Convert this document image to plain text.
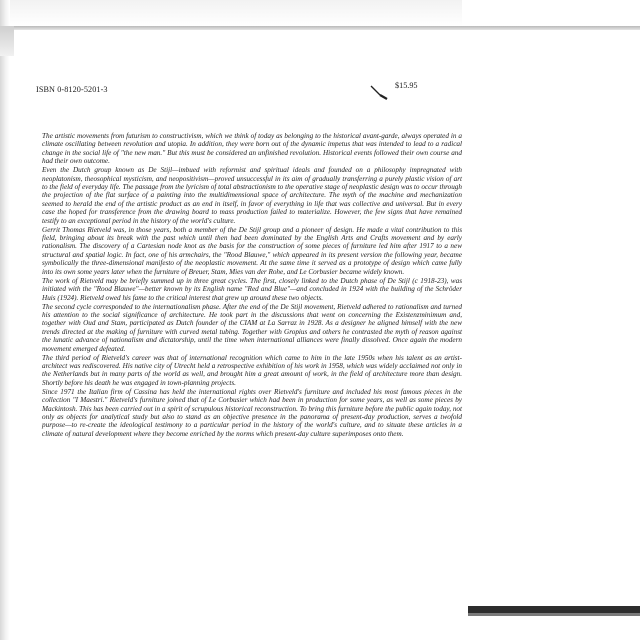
ISBN 0-8120-5201-3	$15.95

The artistic movements from futurism to constructivism, which we think of today as belonging to the historical avant-garde, always operated in a climate oscillating between revolution and utopia. In addition, they were born out of the dynamic impetus that was intended to lead to a radical change in the social life of "the new man." But this must be considered an unfinished revolution. Historical events followed their own course and had their own outcome.

Even the Dutch group known as De Stijl—imbued with reformist and spiritual ideals and founded on a philosophy impregnated with neoplatonism, theosophical mysticism, and neopositivism—proved unsuccessful in its aim of gradually transferring a purely plastic vision of art to the field of everyday life. The passage from the lyricism of total abstractionism to the operative stage of neoplastic design was to occur through the projection of the flat surface of a painting into the multidimensional space of architecture. The myth of the machine and mechanization seemed to herald the end of the artistic product as an end in itself, in favor of everything in life that was collective and universal. But in every case the hoped for transference from the drawing board to mass production failed to materialize. However, the few signs that have remained testify to an exceptional period in the history of the world's culture.

Gerrit Thomas Rietveld was, in those years, both a member of the De Stijl group and a pioneer of design. He made a vital contribution to this field, bringing about its break with the past which until then had been dominated by the English Arts and Crafts movement and by early rationalism. The discovery of a Cartesian node knot as the basis for the construction of some pieces of furniture led him after 1917 to a new structural and spatial logic. In fact, one of his armchairs, the "Rood Blauwe," which appeared in its present version the following year, became symbolically the three-dimensional manifesto of the neoplastic movement. At the same time it served as a prototype of design which came fully into its own some years later when the furniture of Breuer, Stam, Mies van der Rohe, and Le Corbusier became widely known.

The work of Rietveld may be briefly summed up in three great cycles. The first, closely linked to the Dutch phase of De Stijl (c 1918-23), was initiated with the "Rood Blauwe"—better known by its English name "Red and Blue"—and concluded in 1924 with the building of the Schröder Huis (1924). Rietveld owed his fame to the critical interest that grew up around these two objects.

The second cycle corresponded to the internationalism phase. After the end of the De Stijl movement, Rietveld adhered to rationalism and turned his attention to the social significance of architecture. He took part in the discussions that went on concerning the Existenzminimum and, together with Oud and Stam, participated as Dutch founder of the CIAM at La Sarraz in 1928. As a designer he aligned himself with the new trends directed at the making of furniture with curved metal tubing. Together with Gropius and others he contrasted the myth of reason against the lunatic advance of nationalism and dictatorship, until the time when international alliances were finally dissolved. Once again the modern movement emerged defeated.

The third period of Rietveld's career was that of international recognition which came to him in the late 1950s when his talent as an artist-architect was rediscovered. His native city of Utrecht held a retrospective exhibition of his work in 1958, which was widely acclaimed not only in the Netherlands but in many parts of the world as well, and brought him a great amount of work, in the field of architecture more than design. Shortly before his death he was engaged in town-planning projects.

Since 1971 the Italian firm of Cassina has held the international rights over Rietveld's furniture and included his most famous pieces in the collection "I Maestri." Rietveld's furniture joined that of Le Corbusier which had been in production for some years, as well as some pieces by Mackintosh. This has been carried out in a spirit of scrupulous historical reconstruction. To bring this furniture before the public again today, not only as objects for analytical study but also to stand as an objective presence in the panorama of present-day production, serves a twofold purpose—to re-create the ideological testimony to a particular period in the history of the world's culture, and to situate these articles in a climate of natural development where they become enriched by the norms which present-day culture superimposes onto them.
